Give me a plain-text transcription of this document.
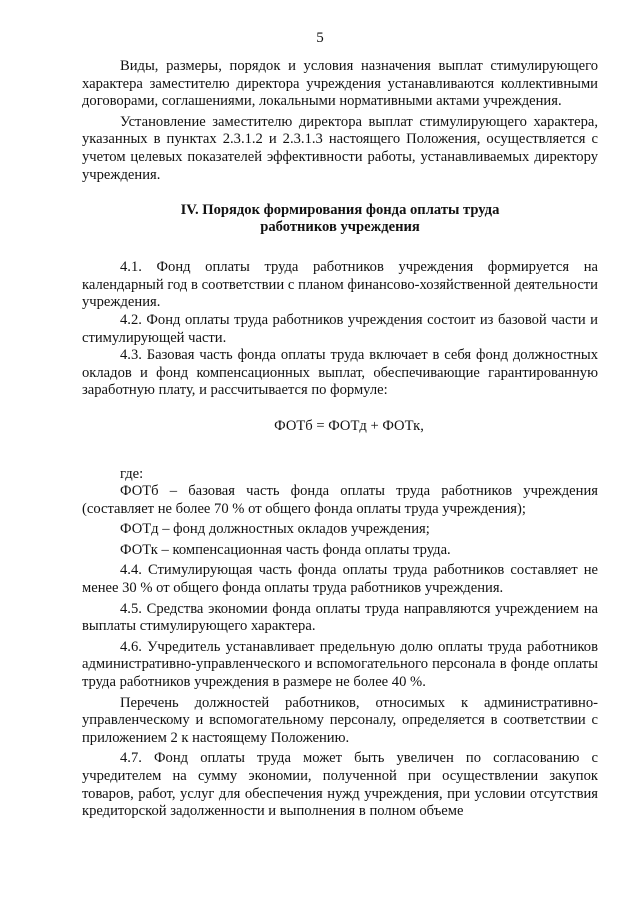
5

Виды, размеры, порядок и условия назначения выплат стимулирующего характера заместителю директора учреждения устанавливаются коллективными договорами, соглашениями, локальными нормативными актами учреждения.

Установление заместителю директора выплат стимулирующего характера, указанных в пунктах 2.3.1.2 и 2.3.1.3 настоящего Положения, осуществляется с учетом целевых показателей эффективности работы, устанавливаемых директору учреждения.

IV. Порядок формирования фонда оплаты труда
работников учреждения

4.1. Фонд оплаты труда работников учреждения формируется на календарный год в соответствии с планом финансово-хозяйственной деятельности учреждения.

4.2. Фонд оплаты труда работников учреждения состоит из базовой части и стимулирующей части.

4.3. Базовая часть фонда оплаты труда включает в себя фонд должностных окладов и фонд компенсационных выплат, обеспечивающие гарантированную заработную плату, и рассчитывается по формуле:

ФОТб = ФОТд + ФОТк,

где:

ФОТб – базовая часть фонда оплаты труда работников учреждения (составляет не более 70 % от общего фонда оплаты труда учреждения);

ФОТд – фонд должностных окладов учреждения;

ФОТк – компенсационная часть фонда оплаты труда.

4.4. Стимулирующая часть фонда оплаты труда работников составляет не менее 30 % от общего фонда оплаты труда работников учреждения.

4.5. Средства экономии фонда оплаты труда направляются учреждением на выплаты стимулирующего характера.

4.6. Учредитель устанавливает предельную долю оплаты труда работников административно-управленческого и вспомогательного персонала в фонде оплаты труда работников учреждения в размере не более 40 %.

Перечень должностей работников, относимых к административно-управленческому и вспомогательному персоналу, определяется в соответствии с приложением 2 к настоящему Положению.

4.7. Фонд оплаты труда может быть увеличен по согласованию с учредителем на сумму экономии, полученной при осуществлении закупок товаров, работ, услуг для обеспечения нужд учреждения, при условии отсутствия кредиторской задолженности и выполнения в полном объеме
